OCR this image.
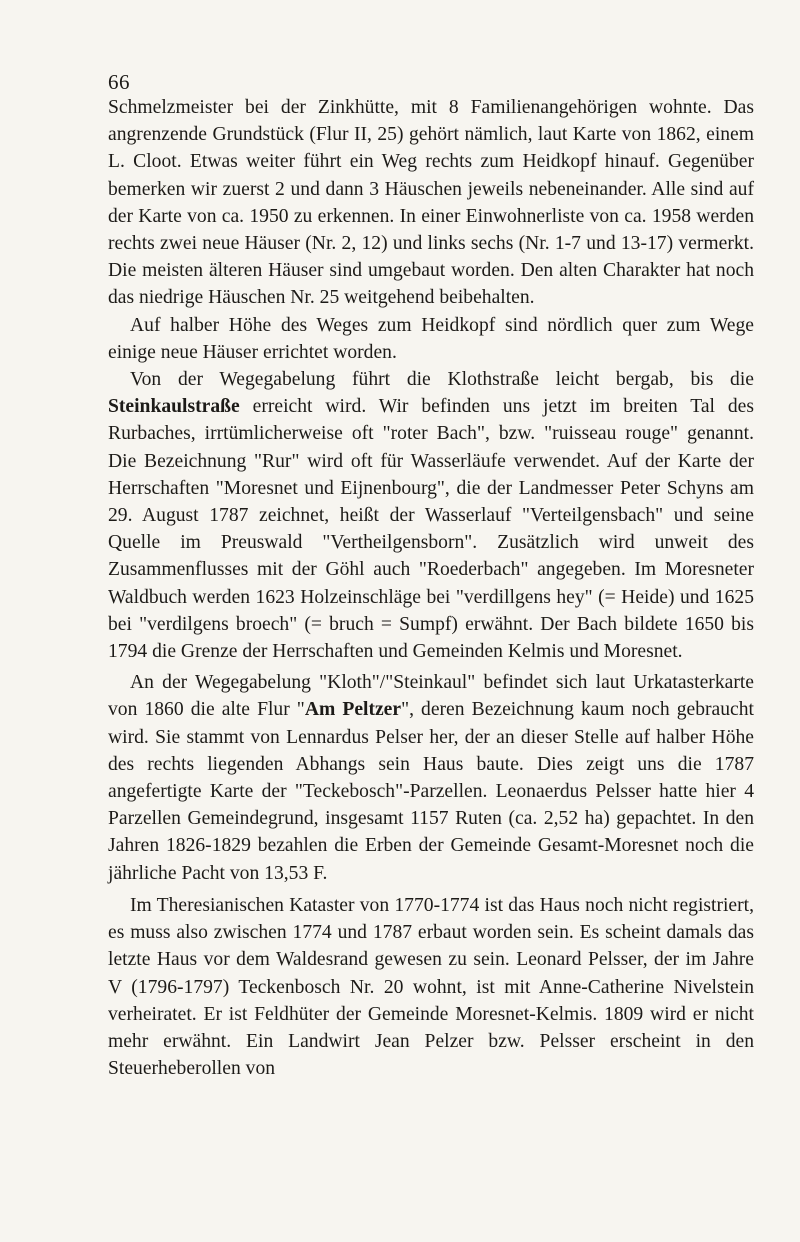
66

Schmelzmeister bei der Zinkhütte, mit 8 Familienangehörigen wohnte. Das angrenzende Grundstück (Flur II, 25) gehört nämlich, laut Karte von 1862, einem L. Cloot. Etwas weiter führt ein Weg rechts zum Heidkopf hinauf. Gegenüber bemerken wir zuerst 2 und dann 3 Häuschen jeweils nebeneinander. Alle sind auf der Karte von ca. 1950 zu erkennen. In einer Einwohnerliste von ca. 1958 werden rechts zwei neue Häuser (Nr. 2, 12) und links sechs (Nr. 1-7 und 13-17) vermerkt. Die meisten älteren Häuser sind umgebaut worden. Den alten Charakter hat noch das niedrige Häuschen Nr. 25 weitgehend beibehalten.

Auf halber Höhe des Weges zum Heidkopf sind nördlich quer zum Wege einige neue Häuser errichtet worden.

Von der Wegegabelung führt die Klothstraße leicht bergab, bis die Steinkaulstraße erreicht wird. Wir befinden uns jetzt im breiten Tal des Rurbaches, irrtümlicherweise oft "roter Bach", bzw. "ruisseau rouge" genannt. Die Bezeichnung "Rur" wird oft für Wasserläufe verwendet. Auf der Karte der Herrschaften "Moresnet und Eijnenbourg", die der Landmesser Peter Schyns am 29. August 1787 zeichnet, heißt der Wasserlauf "Verteilgensbach" und seine Quelle im Preuswald "Vertheilgensborn". Zusätzlich wird unweit des Zusammenflusses mit der Göhl auch "Roederbach" angegeben. Im Moresneter Waldbuch werden 1623 Holzeinschläge bei "verdillgens hey" (= Heide) und 1625 bei "verdilgens broech" (= bruch = Sumpf) erwähnt. Der Bach bildete 1650 bis 1794 die Grenze der Herrschaften und Gemeinden Kelmis und Moresnet.

An der Wegegabelung "Kloth"/"Steinkaul" befindet sich laut Urkatasterkarte von 1860 die alte Flur "Am Peltzer", deren Bezeichnung kaum noch gebraucht wird. Sie stammt von Lennardus Pelser her, der an dieser Stelle auf halber Höhe des rechts liegenden Abhangs sein Haus baute. Dies zeigt uns die 1787 angefertigte Karte der "Teckebosch"-Parzellen. Leonaerdus Pelsser hatte hier 4 Parzellen Gemeindegrund, insgesamt 1157 Ruten (ca. 2,52 ha) gepachtet. In den Jahren 1826-1829 bezahlen die Erben der Gemeinde Gesamt-Moresnet noch die jährliche Pacht von 13,53 F.

Im Theresianischen Kataster von 1770-1774 ist das Haus noch nicht registriert, es muss also zwischen 1774 und 1787 erbaut worden sein. Es scheint damals das letzte Haus vor dem Waldesrand gewesen zu sein. Leonard Pelsser, der im Jahre V (1796-1797) Teckenbosch Nr. 20 wohnt, ist mit Anne-Catherine Nivelstein verheiratet. Er ist Feldhüter der Gemeinde Moresnet-Kelmis. 1809 wird er nicht mehr erwähnt. Ein Landwirt Jean Pelzer bzw. Pelsser erscheint in den Steuerheberollen von
